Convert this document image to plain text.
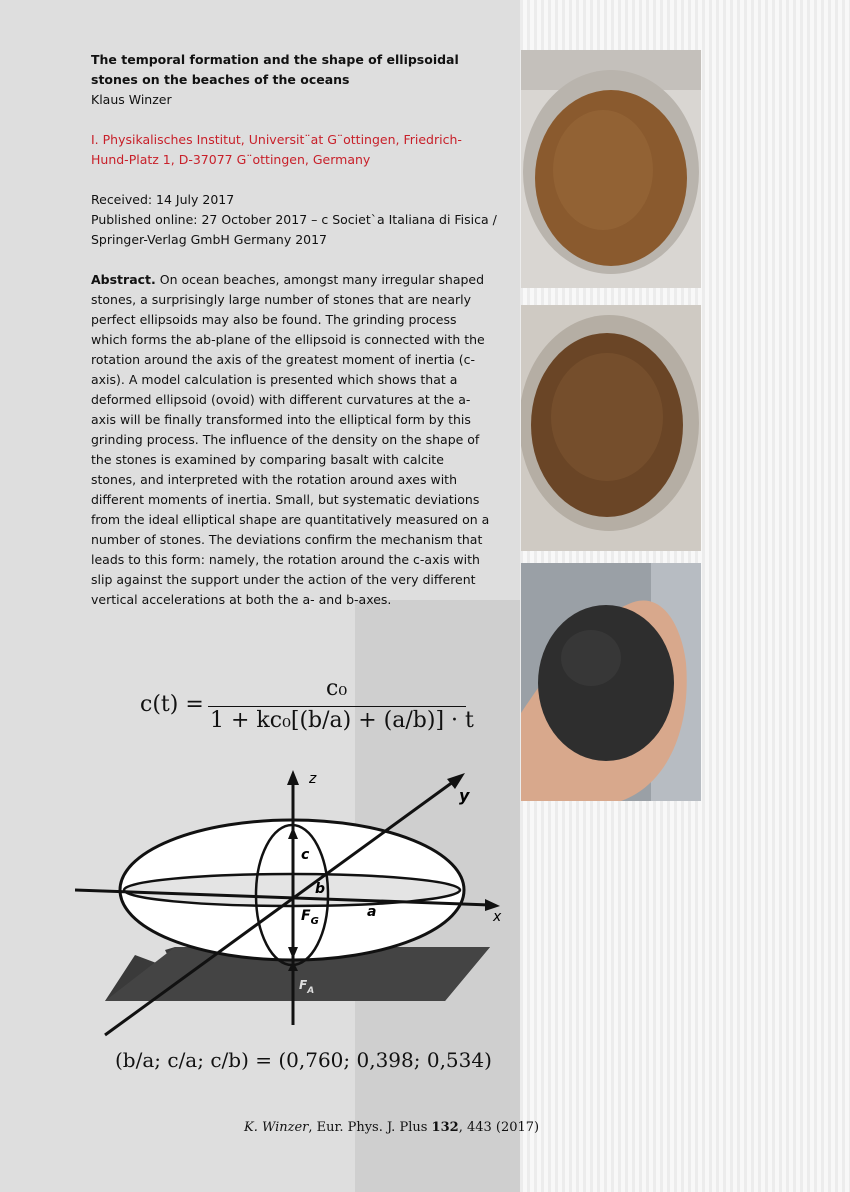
The temporal formation and the shape of ellipsoidal stones on the beaches of the oceans
Klaus Winzer
I. Physikalisches Institut, Universit¨at G¨ottingen, Friedrich-Hund-Platz 1, D-37077 G¨ottingen, Germany
Received: 14 July 2017
Published online: 27 October 2017 – c Societ`a Italiana di Fisica / Springer-Verlag GmbH Germany 2017
Abstract. On ocean beaches, amongst many irregular shaped stones, a surprisingly large number of stones that are nearly perfect ellipsoids may also be found. The grinding process which forms the ab-plane of the ellipsoid is connected with the rotation around the axis of the greatest moment of inertia (c-axis). A model calculation is presented which shows that a deformed ellipsoid (ovoid) with different curvatures at the a-axis will be finally transformed into the elliptical form by this grinding process. The influence of the density on the shape of the stones is examined by comparing basalt with calcite stones, and interpreted with the rotation around axes with different moments of inertia. Small, but systematic deviations from the ideal elliptical shape are quantitatively measured on a number of stones. The deviations confirm the mechanism that leads to this form: namely, the rotation around the c-axis with slip against the support under the action of the very different vertical accelerations at both the a- and b-axes.
c(t) =
c₀
1 + kc₀[(b/a) + (a/b)] · t
z
y
x
c
b
a
$F_G$
$F_A$
(b/a; c/a; c/b) = (0,760; 0,398; 0,534)
K. Winzer, Eur. Phys. J. Plus 132, 443 (2017)
